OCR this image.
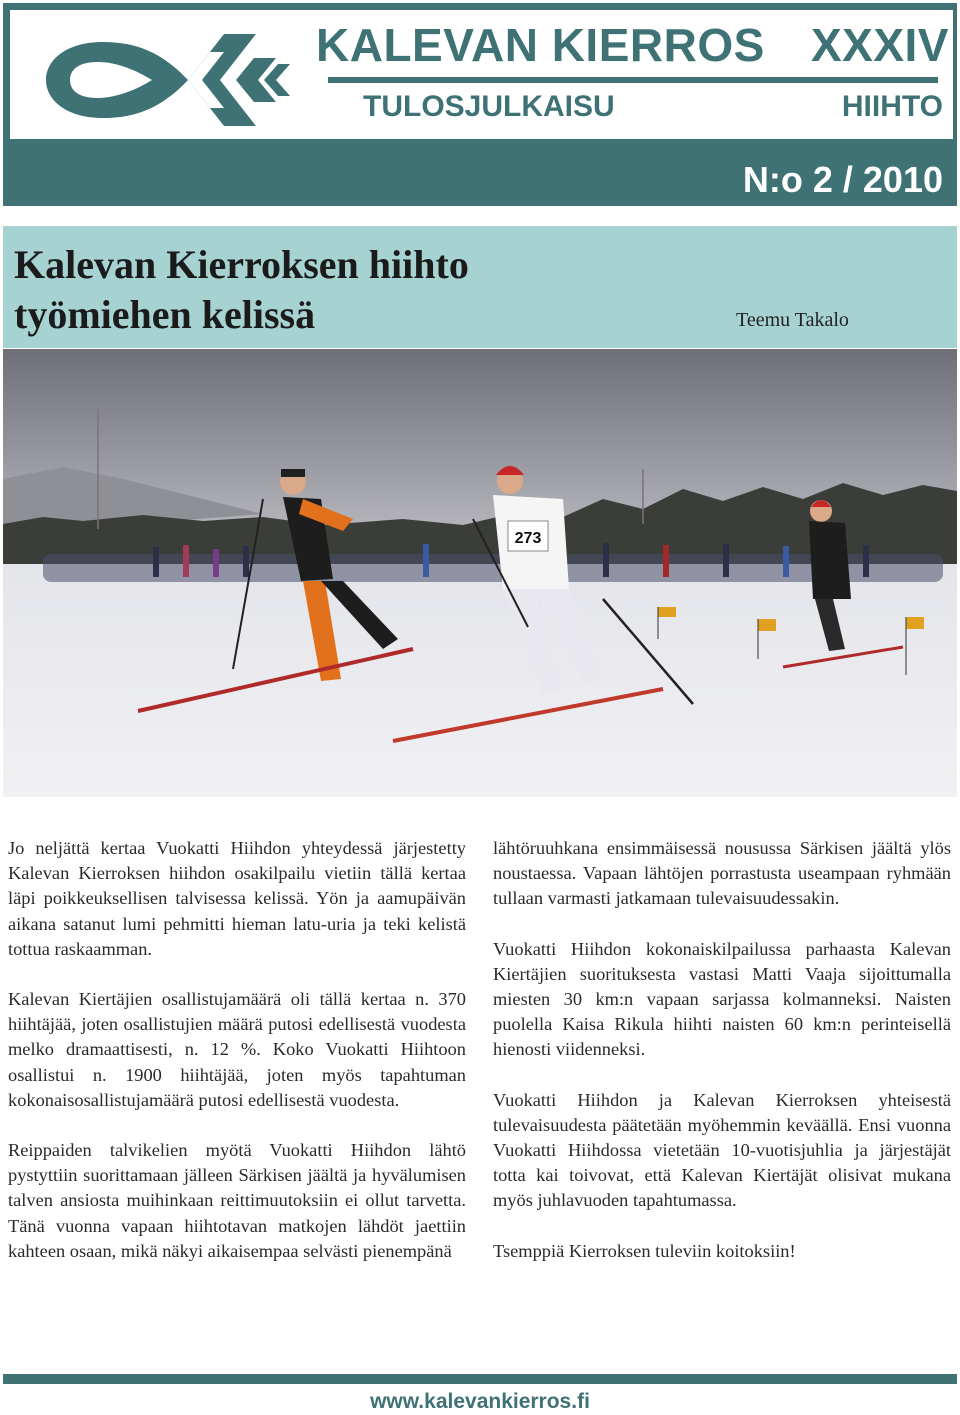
KALEVAN KIERROS XXXIV
TULOSJULKAISU	HIIHTO
N:o 2 / 2010
Kalevan Kierroksen hiihto
työmiehen kelissä	Teemu Takalo
273

Jo neljättä kertaa Vuokatti Hiihdon yhteydessä järjestetty Kalevan Kierroksen hiihdon osakilpailu vietiin tällä kertaa läpi poikkeuksellisen talvisessa kelissä. Yön ja aamupäivän aikana satanut lumi pehmitti hieman latu-uria ja teki kelistä tottua raskaamman.

Kalevan Kiertäjien osallistujamäärä oli tällä kertaa n. 370 hiihtäjää, joten osallistujien määrä putosi edellisestä vuodesta melko dramaattisesti, n. 12 %. Koko Vuokatti Hiihtoon osallistui n. 1900 hiihtäjää, joten myös tapahtuman kokonaisosallistujamäärä putosi edellisestä vuodesta.

Reippaiden talvikelien myötä Vuokatti Hiihdon lähtö pystyttiin suorittamaan jälleen Särkisen jäältä ja hyvälumisen talven ansiosta muihinkaan reittimuutoksiin ei ollut tarvetta. Tänä vuonna vapaan hiihtotavan matkojen lähdöt jaettiin kahteen osaan, mikä näkyi aikaisempaa selvästi pienempänä

lähtöruuhkana ensimmäisessä nousussa Särkisen jäältä ylös noustaessa. Vapaan lähtöjen porrastusta useampaan ryhmään tullaan varmasti jatkamaan tulevaisuudessakin.

Vuokatti Hiihdon kokonaiskilpailussa parhaasta Kalevan Kiertäjien suorituksesta vastasi Matti Vaaja sijoittumalla miesten 30 km:n vapaan sarjassa kolmanneksi. Naisten puolella Kaisa Rikula hiihti naisten 60 km:n perinteisellä hienosti viidenneksi.

Vuokatti Hiihdon ja Kalevan Kierroksen yhteisestä tulevaisuudesta päätetään myöhemmin keväällä. Ensi vuonna Vuokatti Hiihdossa vietetään 10-vuotisjuhlia ja järjestäjät totta kai toivovat, että Kalevan Kiertäjät olisivat mukana myös juhlavuoden tapahtumassa.

Tsemppiä Kierroksen tuleviin koitoksiin!

www.kalevankierros.fi
